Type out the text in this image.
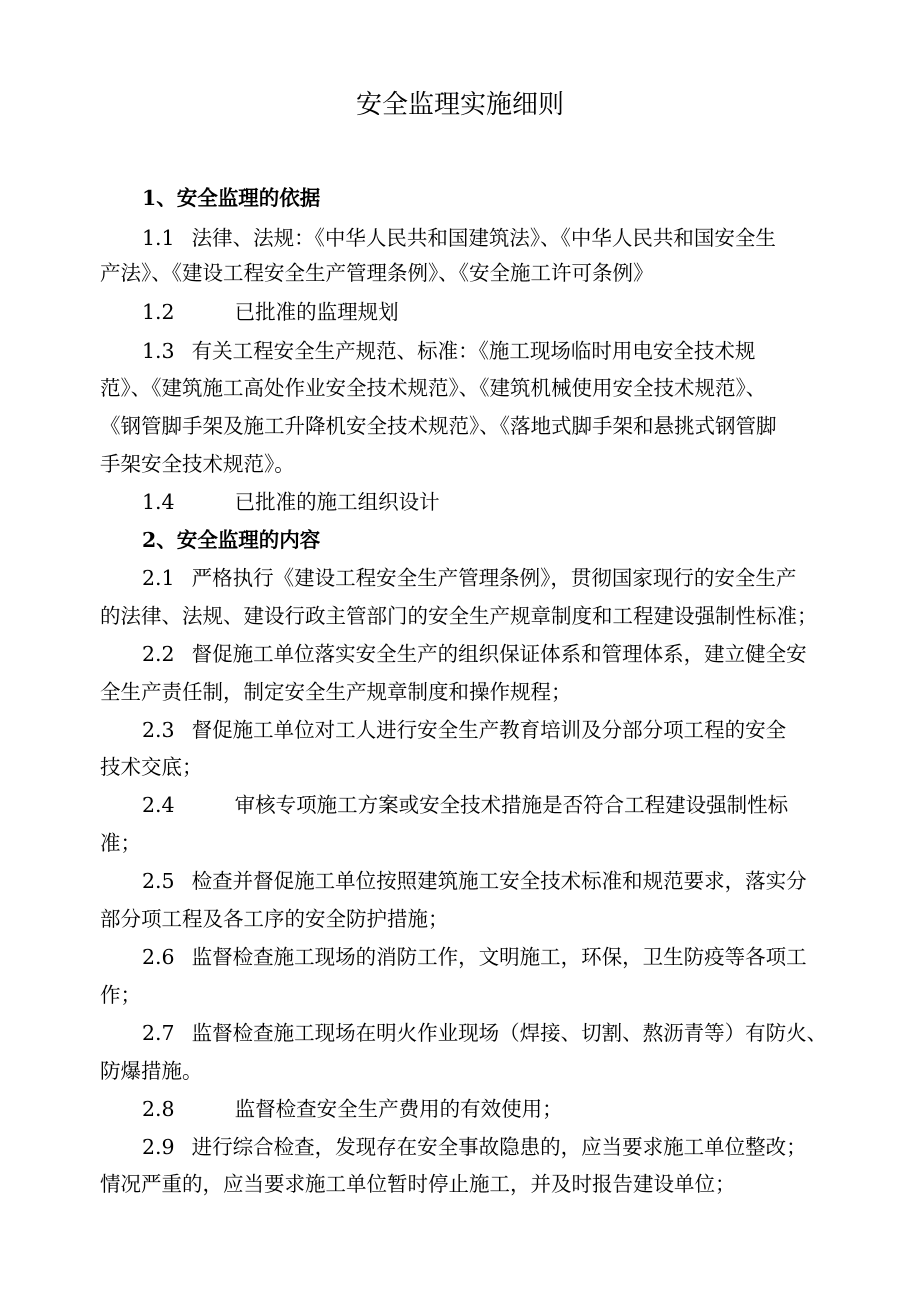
安全监理实施细则
1、安全监理的依据
1.1 法律、法规：《中华人民共和国建筑法》、《中华人民共和国安全生
产法》、《建设工程安全生产管理条例》、《安全施工许可条例》
1.2	已批准的监理规划
1.3 有关工程安全生产规范、标准：《施工现场临时用电安全技术规
范》、《建筑施工高处作业安全技术规范》、《建筑机械使用安全技术规范》、
《钢管脚手架及施工升降机安全技术规范》、《落地式脚手架和悬挑式钢管脚
手架安全技术规范》。
1.4	已批准的施工组织设计
2、安全监理的内容
2.1 严格执行《建设工程安全生产管理条例》，贯彻国家现行的安全生产
的法律、法规、建设行政主管部门的安全生产规章制度和工程建设强制性标准；
2.2 督促施工单位落实安全生产的组织保证体系和管理体系，建立健全安
全生产责任制，制定安全生产规章制度和操作规程；
2.3 督促施工单位对工人进行安全生产教育培训及分部分项工程的安全
技术交底；
2.4	审核专项施工方案或安全技术措施是否符合工程建设强制性标
准；
2.5 检查并督促施工单位按照建筑施工安全技术标准和规范要求，落实分
部分项工程及各工序的安全防护措施；
2.6 监督检查施工现场的消防工作，文明施工，环保，卫生防疫等各项工
作；
2.7 监督检查施工现场在明火作业现场（焊接、切割、熬沥青等）有防火、
防爆措施。
2.8	监督检查安全生产费用的有效使用；
2.9 进行综合检查，发现存在安全事故隐患的，应当要求施工单位整改；
情况严重的，应当要求施工单位暂时停止施工，并及时报告建设单位；
